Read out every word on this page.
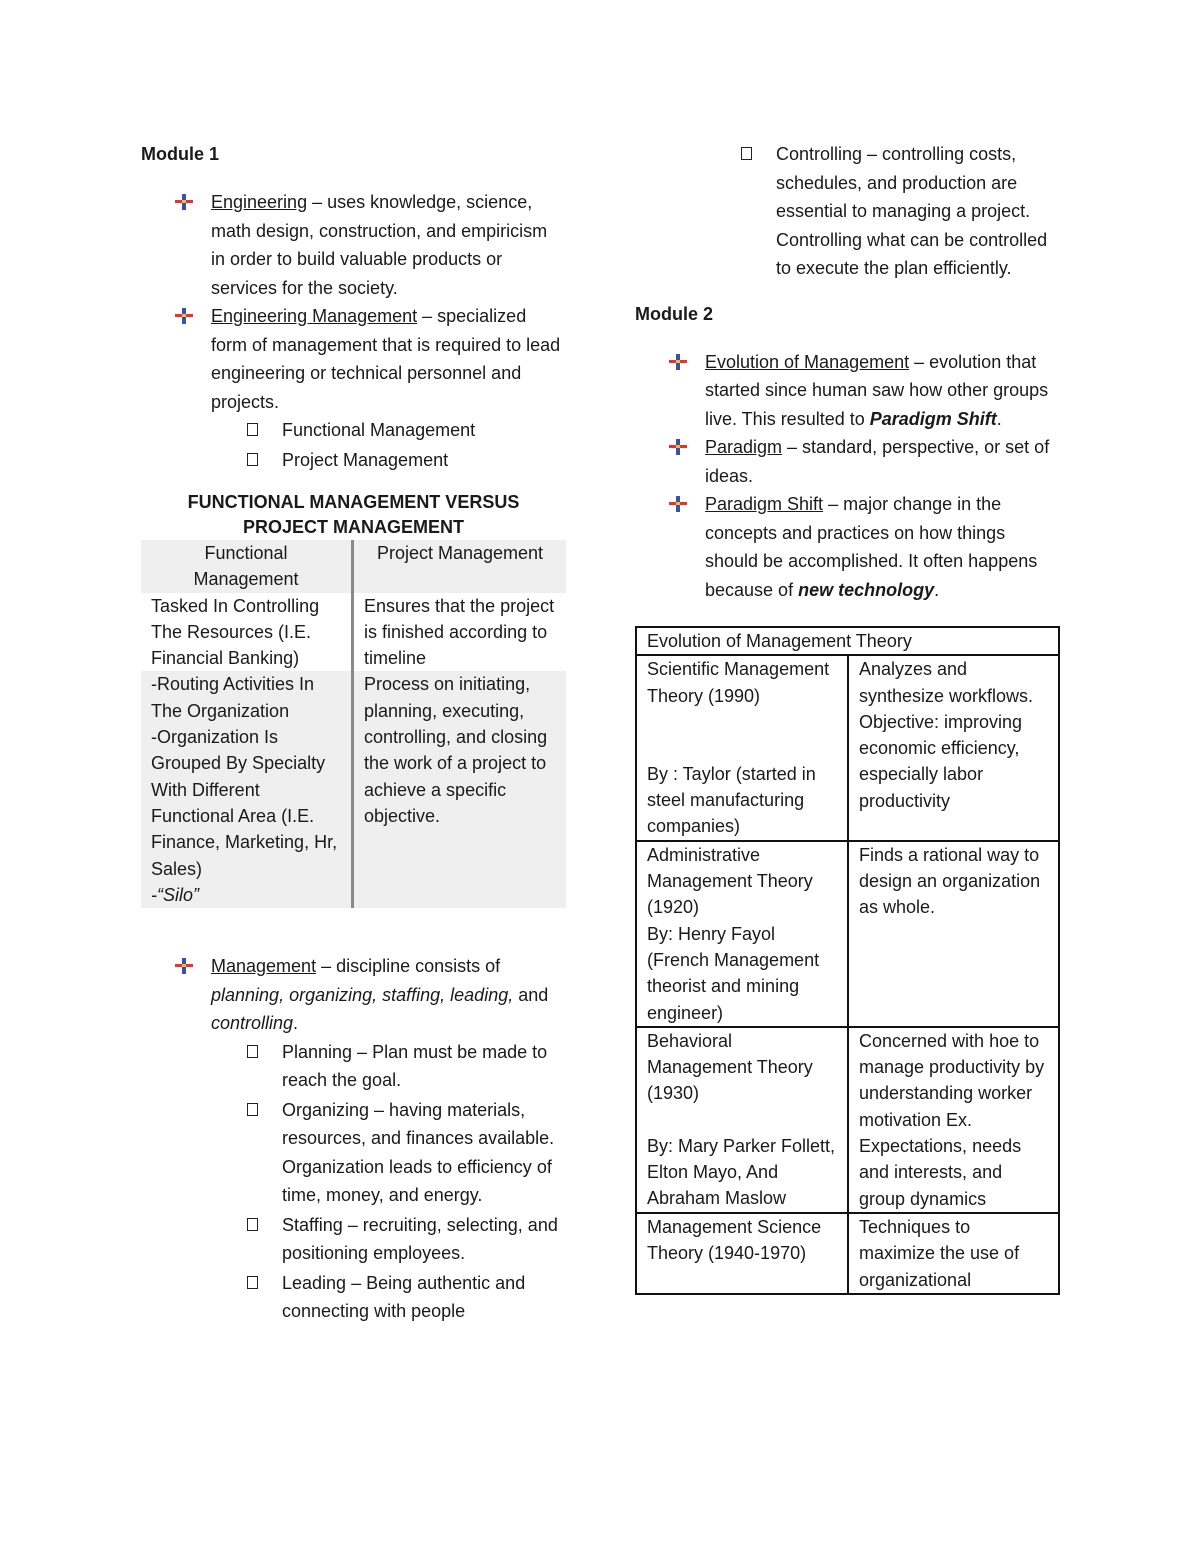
Module 1
Engineering – uses knowledge, science, math design, construction, and empiricism in order to build valuable products or services for the society.
Engineering Management – specialized form of management that is required to lead engineering or technical personnel and projects.
Functional Management
Project Management
FUNCTIONAL MANAGEMENT VERSUS
PROJECT MANAGEMENT
Functional Management	Project Management
Tasked In Controlling The Resources (I.E. Financial Banking)	Ensures that the project is finished according to timeline

-Routing Activities In The Organization
-Organization Is Grouped By Specialty With Different Functional Area (I.E. Finance, Marketing, Hr, Sales)
-“Silo”	Process on initiating, planning, executing, controlling, and closing the work of a project to achieve a specific objective.
Management – discipline consists of planning, organizing, staffing, leading, and controlling.
Planning – Plan must be made to reach the goal.
Organizing – having materials, resources, and finances available. Organization leads to efficiency of time, money, and energy.
Staffing – recruiting, selecting, and positioning employees.
Leading – Being authentic and connecting with people
Controlling – controlling costs, schedules, and production are essential to managing a project. Controlling what can be controlled to execute the plan efficiently.
Module 2
Evolution of Management – evolution that started since human saw how other groups live. This resulted to Paradigm Shift.
Paradigm – standard, perspective, or set of ideas.
Paradigm Shift – major change in the concepts and practices on how things should be accomplished. It often happens because of new technology.
Evolution of Management Theory	

Scientific Management Theory (1990)
By : Taylor (started in steel manufacturing companies)	Analyzes and synthesize workflows. Objective: improving economic efficiency, especially labor productivity

Administrative Management Theory (1920)
By: Henry Fayol (French Management theorist and mining engineer)	Finds a rational way to design an organization as whole.

Behavioral Management Theory (1930)
By: Mary Parker Follett, Elton Mayo, And Abraham Maslow	Concerned with hoe to manage productivity by understanding worker motivation Ex. Expectations, needs and interests, and group dynamics
Management Science Theory (1940-1970)	Techniques to maximize the use of organizational
